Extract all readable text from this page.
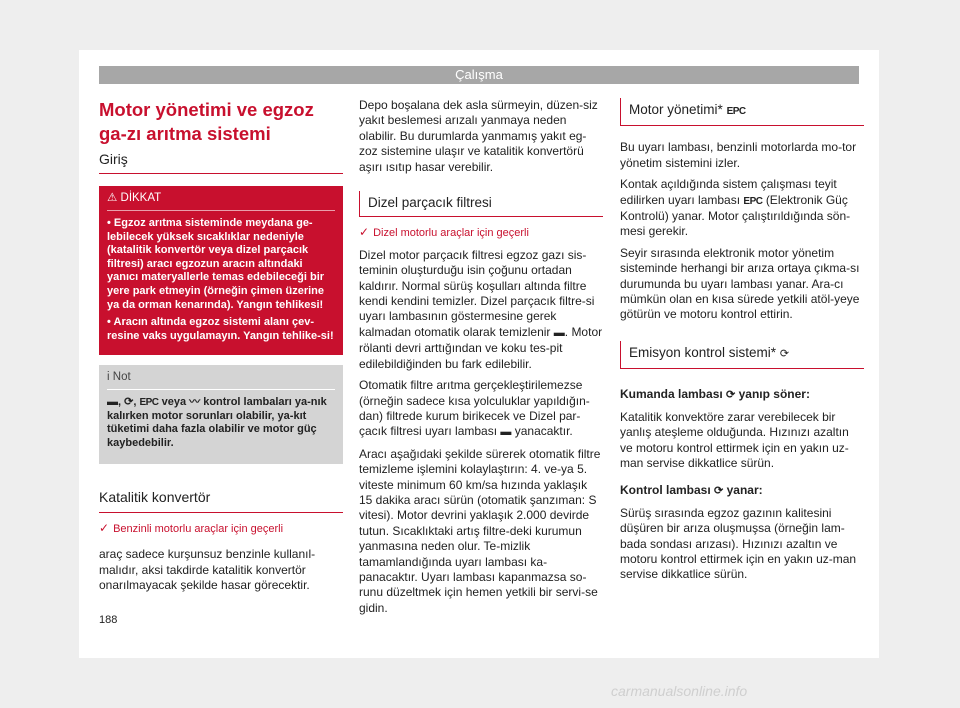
Çalışma
Motor yönetimi ve egzoz ga-zı arıtma sistemi
Giriş
⚠ DİKKAT

• Egzoz arıtma sisteminde meydana ge-lebilecek yüksek sıcaklıklar nedeniyle (katalitik konvertör veya dizel parçacık filtresi) aracı egzozun aracın altındaki yanıcı materyallerle temas edebileceği bir yere park etmeyin (örneğin çimen üzerine ya da orman kenarında). Yangın tehlikesi!

• Aracın altında egzoz sistemi alanı çev-resine vaks uygulamayın. Yangın tehlike-si!

i Not

▬, ⟳, EPC veya 〰 kontrol lambaları ya-nık kalırken motor sorunları olabilir, ya-kıt tüketimi daha fazla olabilir ve motor güç kaybedebilir.

Katalitik konvertör
✓ Benzinli motorlu araçlar için geçerli

araç sadece kurşunsuz benzinle kullanıl-malıdır, aksi takdirde katalitik konvertör onarılmayacak şekilde hasar görecektir.

Depo boşalana dek asla sürmeyin, düzen-siz yakıt beslemesi arızalı yanmaya neden olabilir. Bu durumlarda yanmamış yakıt eg-zoz sistemine ulaşır ve katalitik konvertörü aşırı ısıtıp hasar verebilir.

Dizel parçacık filtresi
✓ Dizel motorlu araçlar için geçerli

Dizel motor parçacık filtresi egzoz gazı sis-teminin oluşturduğu isin çoğunu ortadan kaldırır. Normal sürüş koşulları altında filtre kendi kendini temizler. Dizel parçacık filtre-si uyarı lambasının göstermesine gerek kalmadan otomatik olarak temizlenir ▬. Motor rölanti devri arttığından ve koku tes-pit edilebildiğinden bu fark edilebilir.

Otomatik filtre arıtma gerçekleştirilemezse (örneğin sadece kısa yolculuklar yapıldığın-dan) filtrede kurum birikecek ve Dizel par-çacık filtresi uyarı lambası ▬ yanacaktır.

Aracı aşağıdaki şekilde sürerek otomatik filtre temizleme işlemini kolaylaştırın: 4. ve-ya 5. viteste minimum 60 km/sa hızında yaklaşık 15 dakika aracı sürün (otomatik şanzıman: S vitesi). Motor devrini yaklaşık 2.000 devirde tutun. Sıcaklıktaki artış filtre-deki kurumun yanmasına neden olur. Te-mizlik tamamlandığında uyarı lambası ka-panacaktır. Uyarı lambası kapanmazsa so-runu düzeltmek için hemen yetkili bir servi-se gidin.

Motor yönetimi* EPC

Bu uyarı lambası, benzinli motorlarda mo-tor yönetim sistemini izler.

Kontak açıldığında sistem çalışması teyit edilirken uyarı lambası EPC (Elektronik Güç Kontrolü) yanar. Motor çalıştırıldığında sön-mesi gerekir.

Seyir sırasında elektronik motor yönetim sisteminde herhangi bir arıza ortaya çıkma-sı durumunda bu uyarı lambası yanar. Ara-cı mümkün olan en kısa sürede yetkili atöl-yeye götürün ve motoru kontrol ettirin.

Emisyon kontrol sistemi* ⟳

Kumanda lambası ⟳ yanıp söner:

Katalitik konvektöre zarar verebilecek bir yanlış ateşleme olduğunda. Hızınızı azaltın ve motoru kontrol ettirmek için en yakın uz-man servise dikkatlice sürün.

Kontrol lambası ⟳ yanar:

Sürüş sırasında egzoz gazının kalitesini düşüren bir arıza oluşmuşsa (örneğin lam-bada sondası arızası). Hızınızı azaltın ve motoru kontrol ettirmek için en yakın uz-man servise dikkatlice sürün.

188
carmanualsonline.info
